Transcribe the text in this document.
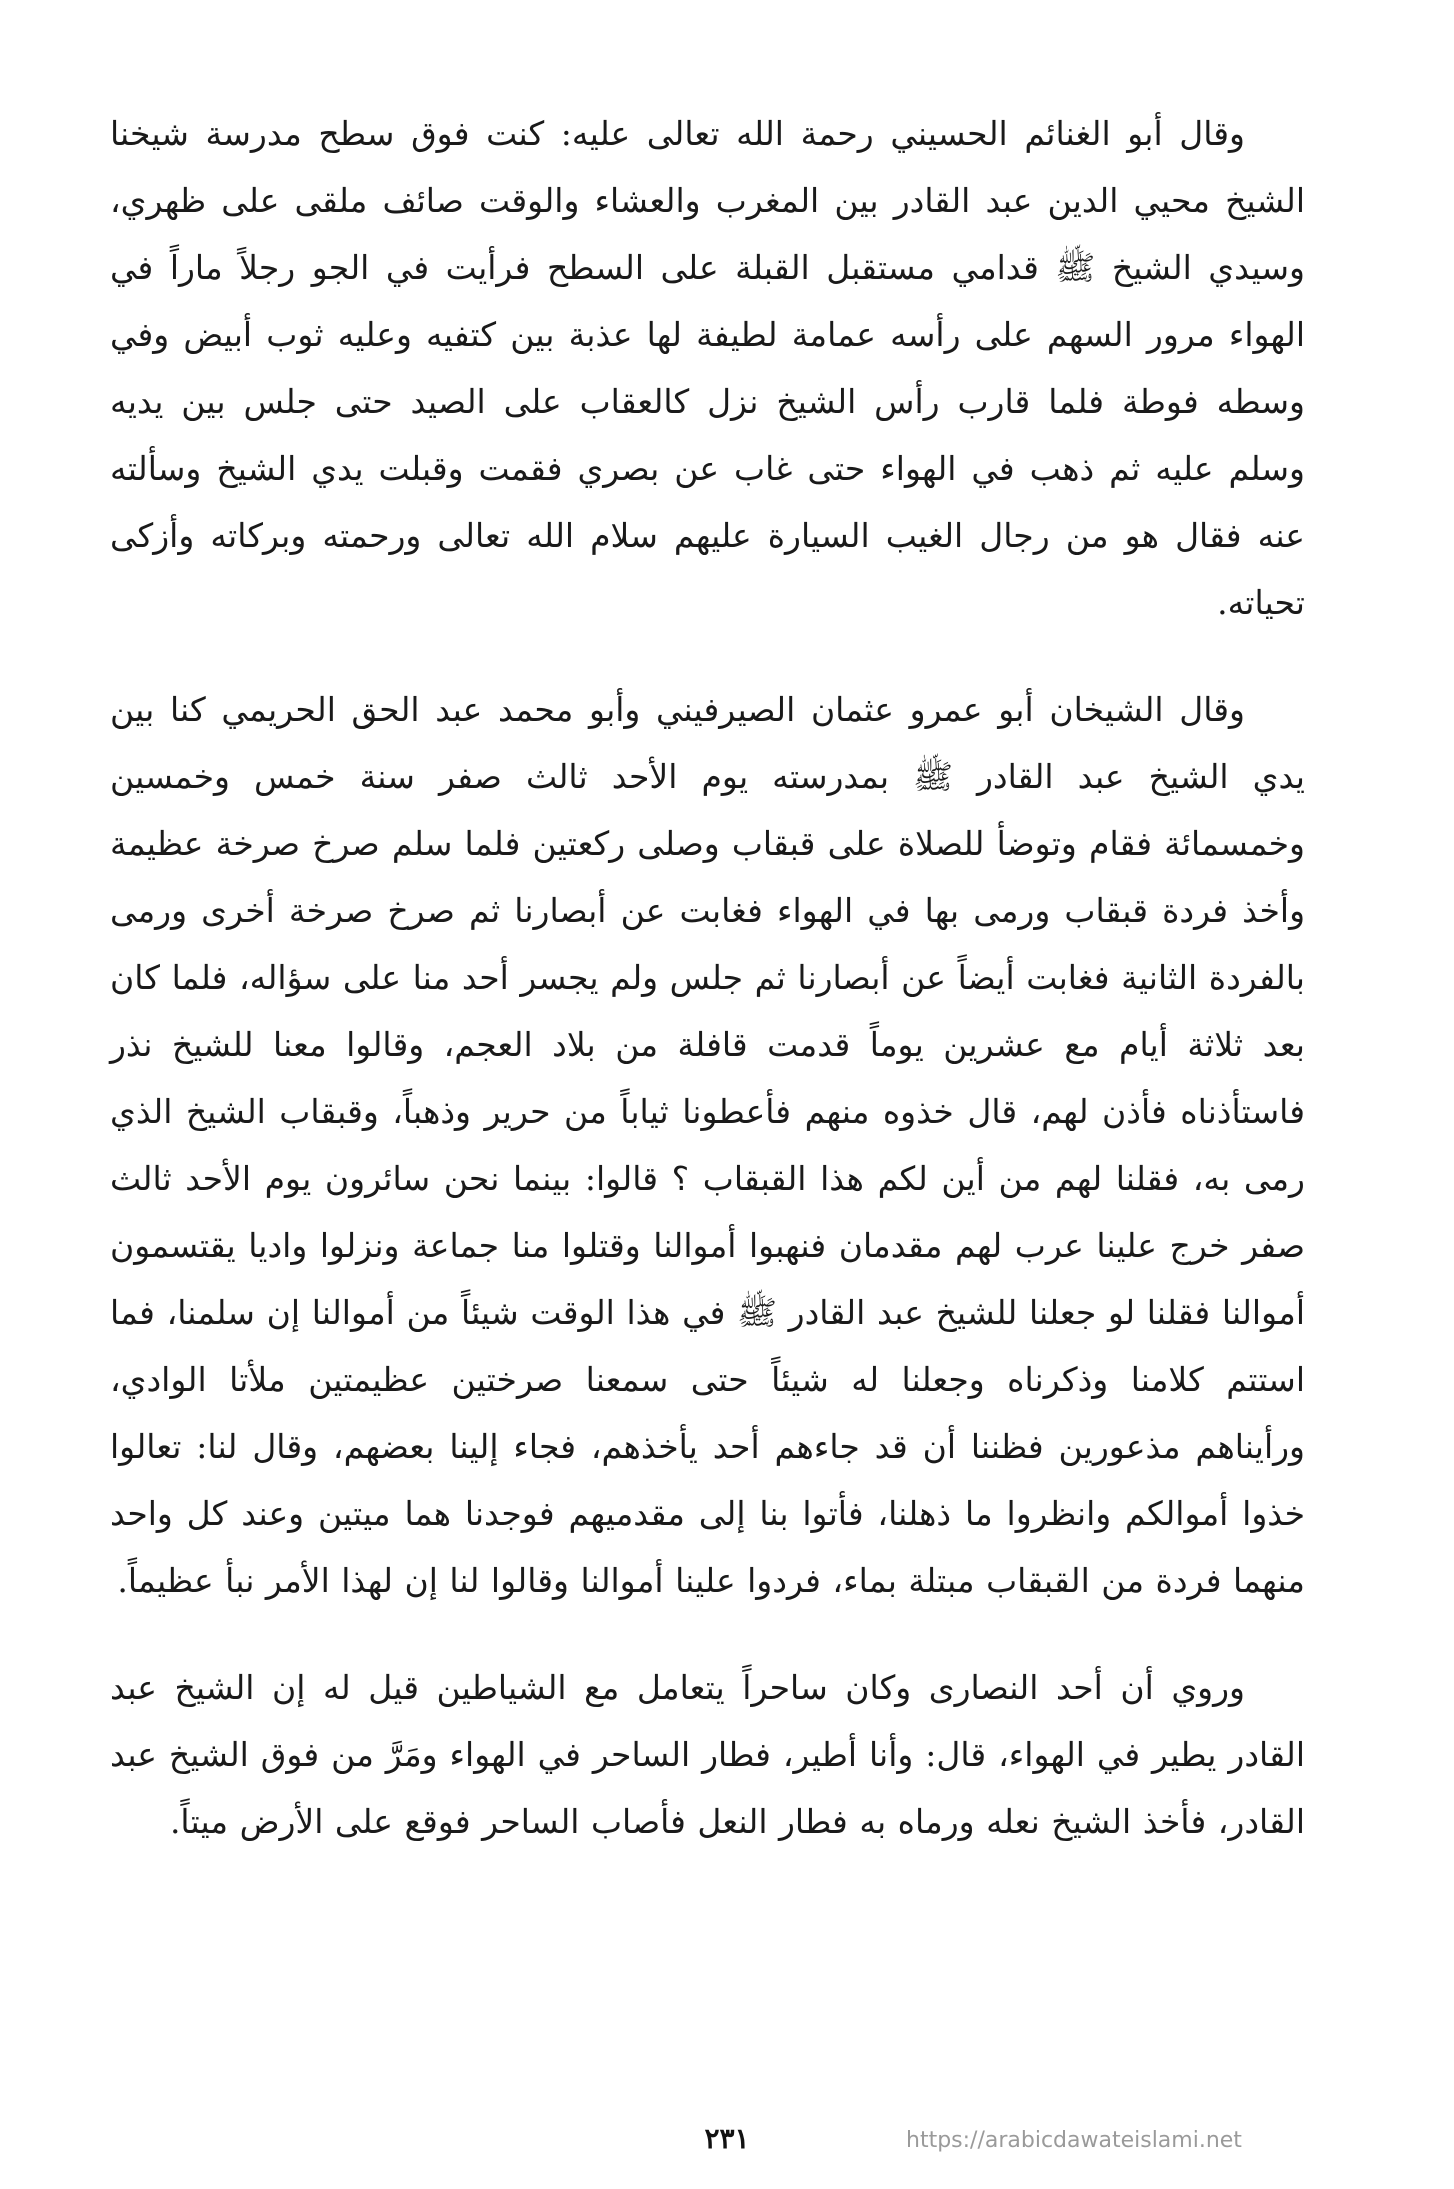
وقال أبو الغنائم الحسيني رحمة الله تعالى عليه: كنت فوق سطح مدرسة شيخنا الشيخ محيي الدين عبد القادر بين المغرب والعشاء والوقت صائف ملقى على ظهري، وسيدي الشيخ ﷺ قدامي مستقبل القبلة على السطح فرأيت في الجو رجلاً ماراً في الهواء مرور السهم على رأسه عمامة لطيفة لها عذبة بين كتفيه وعليه ثوب أبيض وفي وسطه فوطة فلما قارب رأس الشيخ نزل كالعقاب على الصيد حتى جلس بين يديه وسلم عليه ثم ذهب في الهواء حتى غاب عن بصري فقمت وقبلت يدي الشيخ وسألته عنه فقال هو من رجال الغيب السيارة عليهم سلام الله تعالى ورحمته وبركاته وأزكى تحياته.

وقال الشيخان أبو عمرو عثمان الصيرفيني وأبو محمد عبد الحق الحريمي كنا بين يدي الشيخ عبد القادر ﷺ بمدرسته يوم الأحد ثالث صفر سنة خمس وخمسين وخمسمائة فقام وتوضأ للصلاة على قبقاب وصلى ركعتين فلما سلم صرخ صرخة عظيمة وأخذ فردة قبقاب ورمى بها في الهواء فغابت عن أبصارنا ثم صرخ صرخة أخرى ورمى بالفردة الثانية فغابت أيضاً عن أبصارنا ثم جلس ولم يجسر أحد منا على سؤاله، فلما كان بعد ثلاثة أيام مع عشرين يوماً قدمت قافلة من بلاد العجم، وقالوا معنا للشيخ نذر فاستأذناه فأذن لهم، قال خذوه منهم فأعطونا ثياباً من حرير وذهباً، وقبقاب الشيخ الذي رمى به، فقلنا لهم من أين لكم هذا القبقاب ؟ قالوا: بينما نحن سائرون يوم الأحد ثالث صفر خرج علينا عرب لهم مقدمان فنهبوا أموالنا وقتلوا منا جماعة ونزلوا واديا يقتسمون أموالنا فقلنا لو جعلنا للشيخ عبد القادر ﷺ في هذا الوقت شيئاً من أموالنا إن سلمنا، فما استتم كلامنا وذكرناه وجعلنا له شيئاً حتى سمعنا صرختين عظيمتين ملأتا الوادي، ورأيناهم مذعورين فظننا أن قد جاءهم أحد يأخذهم، فجاء إلينا بعضهم، وقال لنا: تعالوا خذوا أموالكم وانظروا ما ذهلنا، فأتوا بنا إلى مقدميهم فوجدنا هما ميتين وعند كل واحد منهما فردة من القبقاب مبتلة بماء، فردوا علينا أموالنا وقالوا لنا إن لهذا الأمر نبأ عظيماً.

وروي أن أحد النصارى وكان ساحراً يتعامل مع الشياطين قيل له إن الشيخ عبد القادر يطير في الهواء، قال: وأنا أطير، فطار الساحر في الهواء ومَرَّ من فوق الشيخ عبد القادر، فأخذ الشيخ نعله ورماه به فطار النعل فأصاب الساحر فوقع على الأرض ميتاً.

٢٣١	https://arabicdawateislami.net
